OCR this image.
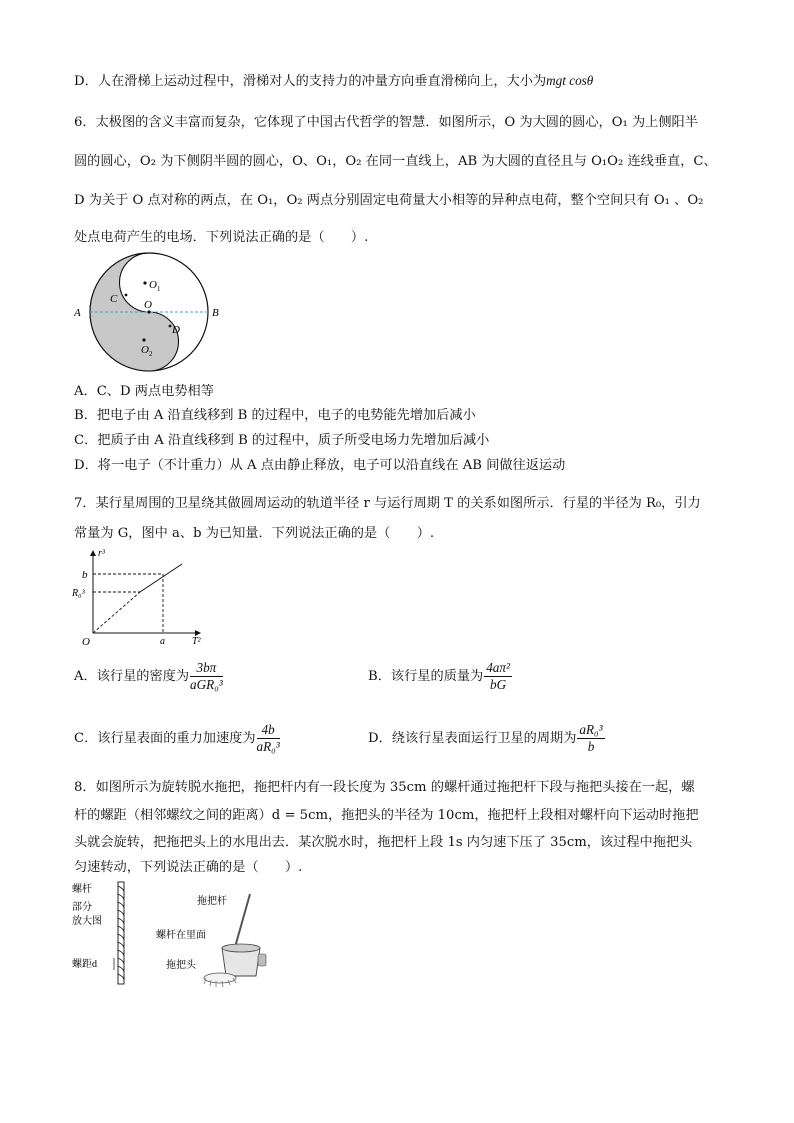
D．人在滑梯上运动过程中，滑梯对人的支持力的冲量方向垂直滑梯向上，大小为mgt cosθ
6．太极图的含义丰富而复杂，它体现了中国古代哲学的智慧．如图所示，O 为大圆的圆心，O₁ 为上侧阳半
圆的圆心，O₂ 为下侧阴半圆的圆心，O、O₁，O₂ 在同一直线上，AB 为大圆的直径且与 O₁O₂ 连线垂直，C、
D 为关于 O 点对称的两点，在 O₁，O₂ 两点分别固定电荷量大小相等的异种点电荷，整个空间只有 O₁ 、O₂
处点电荷产生的电场．下列说法正确的是（　　）.
A	B
C
D
O
O 1
O 2
A．C、D 两点电势相等
B．把电子由 A 沿直线移到 B 的过程中，电子的电势能先增加后减小
C．把质子由 A 沿直线移到 B 的过程中，质子所受电场力先增加后减小
D．将一电子（不计重力）从 A 点由静止释放，电子可以沿直线在 AB 间做往返运动
7．某行星周围的卫星绕其做圆周运动的轨道半径 r 与运行周期 T 的关系如图所示．行星的半径为 R₀，引力
常量为 G，图中 a、b 为已知量．下列说法正确的是（　　）.
r³
T²
O
b
R₀³
a
A．该行星的密度为 $\frac{3b\pi}{\text{aGR₀³}}$	B．该行星的质量为 $\frac{\text{4aπ²}}{bG}$
C．该行星表面的重力加速度为 $\frac{4b}{\text{aR₀³}}$	D．绕该行星表面运行卫星的周期为 $\frac{\text{aR₀³}}{b}$
8．如图所示为旋转脱水拖把，拖把杆内有一段长度为 35cm 的螺杆通过拖把杆下段与拖把头接在一起，螺
杆的螺距（相邻螺纹之间的距离）d = 5cm，拖把头的半径为 10cm，拖把杆上段相对螺杆向下运动时拖把
头就会旋转，把拖把头上的水甩出去．某次脱水时，拖把杆上段 1s 内匀速下压了 35cm，该过程中拖把头
匀速转动，下列说法正确的是（　　）.
螺杆
部分
放大图
螺距d
拖把杆
螺杆在里面
拖把头
